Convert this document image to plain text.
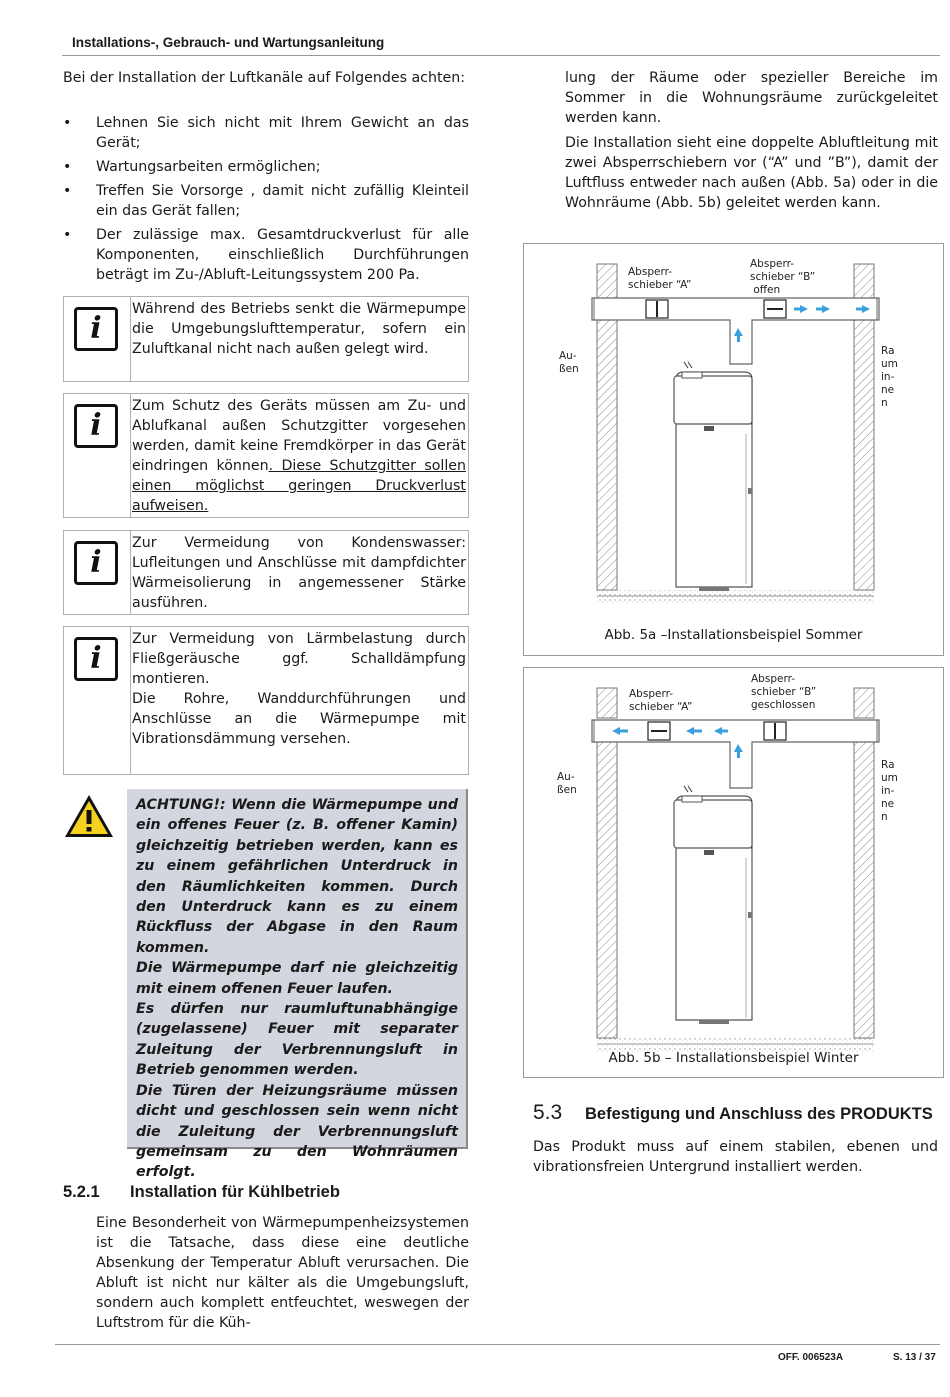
Installations-, Gebrauch- und Wartungsanleitung
OFF. 006523A	S. 13 / 37
Bei der Installation der Luftkanäle auf Folgendes achten:
• Lehnen Sie sich nicht mit Ihrem Gewicht an das Gerät;
• Wartungsarbeiten ermöglichen;
• Treffen Sie Vorsorge , damit nicht zufällig Kleinteil ein das Gerät fallen;
• Der zulässige max. Gesamtdruckverlust für alle Komponenten, einschließlich Durchführungen beträgt im Zu-/Abluft-Leitungssystem 200 Pa.
i
Während des Betriebs senkt die Wärmepumpe die Umgebungslufttemperatur, sofern ein Zuluftkanal nicht nach außen gelegt wird.
i
Zum Schutz des Geräts müssen am Zu- und Ablufkanal außen Schutzgitter vorgesehen werden, damit keine Fremdkörper in das Gerät eindringen können. Diese Schutzgitter sollen einen möglichst geringen Druckverlust aufweisen.
i
Zur Vermeidung von Kondenswasser: Lufleitungen und Anschlüsse mit dampfdichter Wärmeisolierung in angemessener Stärke ausführen.
i
Zur Vermeidung von Lärmbelastung durch Fließgeräusche ggf. Schalldämpfung montieren.
Die Rohre, Wanddurchführungen und Anschlüsse an die Wärmepumpe mit Vibrationsdämmung versehen.
ACHTUNG!: Wenn die Wärmepumpe und ein offenes Feuer (z. B. offener Kamin) gleichzeitig betrieben werden, kann es zu einem gefährlichen Unterdruck in den Räumlichkeiten kommen. Durch den Unterdruck kann es zu einem Rückfluss der Abgase in den Raum kommen.
Die Wärmepumpe darf nie gleichzeitig mit einem offenen Feuer laufen.
Es dürfen nur raumluftunabhängige (zugelassene) Feuer mit separater Zuleitung der Verbrennungsluft in Betrieb genommen werden.
Die Türen der Heizungsräume müssen dicht und geschlossen sein wenn nicht die Zuleitung der Verbrennungsluft gemeinsam zu den Wohnräumen erfolgt.
5.2.1 Installation für Kühlbetrieb
Eine Besonderheit von Wärmepumpenheizsystemen ist die Tatsache, dass diese eine deutliche Absenkung der Temperatur Abluft verursachen. Die Abluft ist nicht nur kälter als die Umgebungsluft, sondern auch komplett entfeuchtet, weswegen der Luftstrom für die Küh-
lung der Räume oder spezieller Bereiche im Sommer in die Wohnungsräume zurückgeleitet werden kann.
Die Installation sieht eine doppelte Abluftleitung mit zwei Absperrschiebern vor (“A” und ”B”), damit der Luftfluss entweder nach außen (Abb. 5a) oder in die Wohnräume (Abb. 5b) geleitet werden kann.
Absperr-
schieber “A”
Absperr-
schieber “B”
offen
Au-
ßen
Ra
um
in-
ne
n
Abb. 5a –Installationsbeispiel Sommer
Absperr-
schieber “A”
Absperr-
schieber “B”
geschlossen
Au-
ßen
Ra
um
in-
ne
n
Abb. 5b – Installationsbeispiel Winter
5.3 Befestigung und Anschluss des PRODUKTS
Das Produkt muss auf einem stabilen, ebenen und vibrationsfreien Untergrund installiert werden.
